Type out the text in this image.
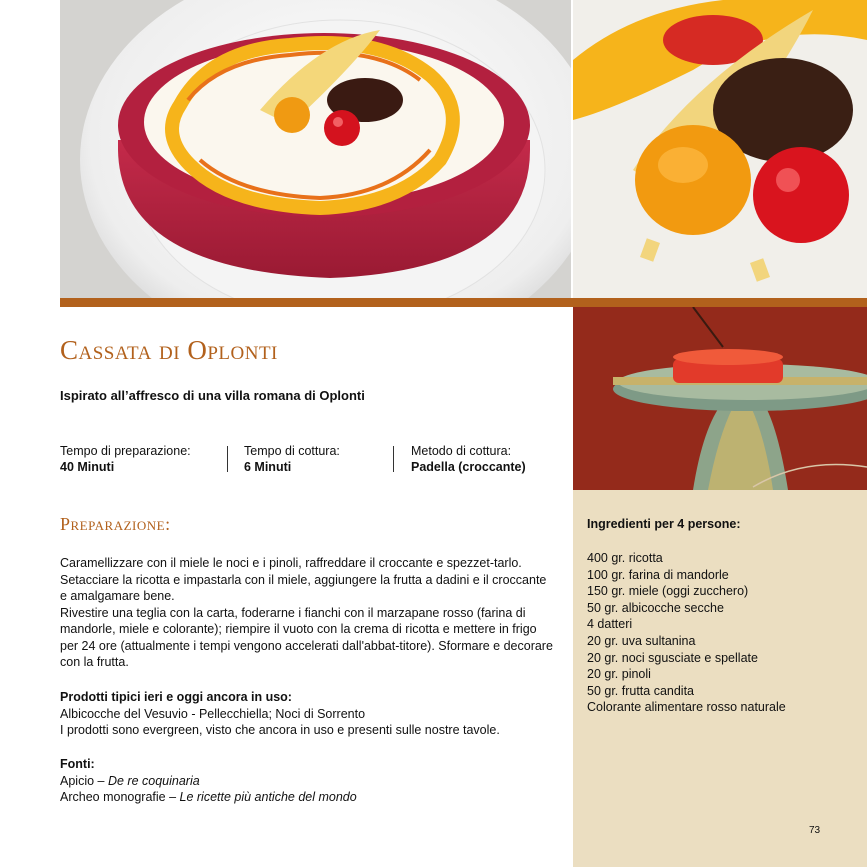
Cassata di Oplonti
Ispirato all’affresco di una villa romana di Oplonti
Tempo di preparazione:
40 Minuti
Tempo di cottura:
6 Minuti
Metodo di cottura:
Padella (croccante)
Preparazione:

Caramellizzare con il miele le noci e i pinoli, raffreddare il croccante e spezzet-tarlo. Setacciare la ricotta e impastarla con il miele, aggiungere la frutta a dadini e il croccante e amalgamare bene.

Rivestire una teglia con la carta, foderarne i fianchi con il marzapane rosso (farina di mandorle, miele e colorante); riempire il vuoto con la crema di ricotta e mettere in frigo per 24 ore (attualmente i tempi vengono accelerati dall'abbat-titore). Sformare e decorare con la frutta.

Prodotti tipici ieri e oggi ancora in uso:

Albicocche del Vesuvio - Pellecchiella; Noci di Sorrento

I prodotti sono evergreen, visto che ancora in uso e presenti sulle nostre tavole.

Fonti:

Apicio – De re coquinaria

Archeo monografie – Le ricette più antiche del mondo

Ingredienti per 4 persone:
400 gr. ricotta
100 gr. farina di mandorle
150 gr. miele (oggi zucchero)
50 gr. albicocche secche
4 datteri
20 gr. uva sultanina
20 gr. noci sgusciate e spellate
20 gr. pinoli
50 gr. frutta candita
Colorante alimentare rosso naturale
73
